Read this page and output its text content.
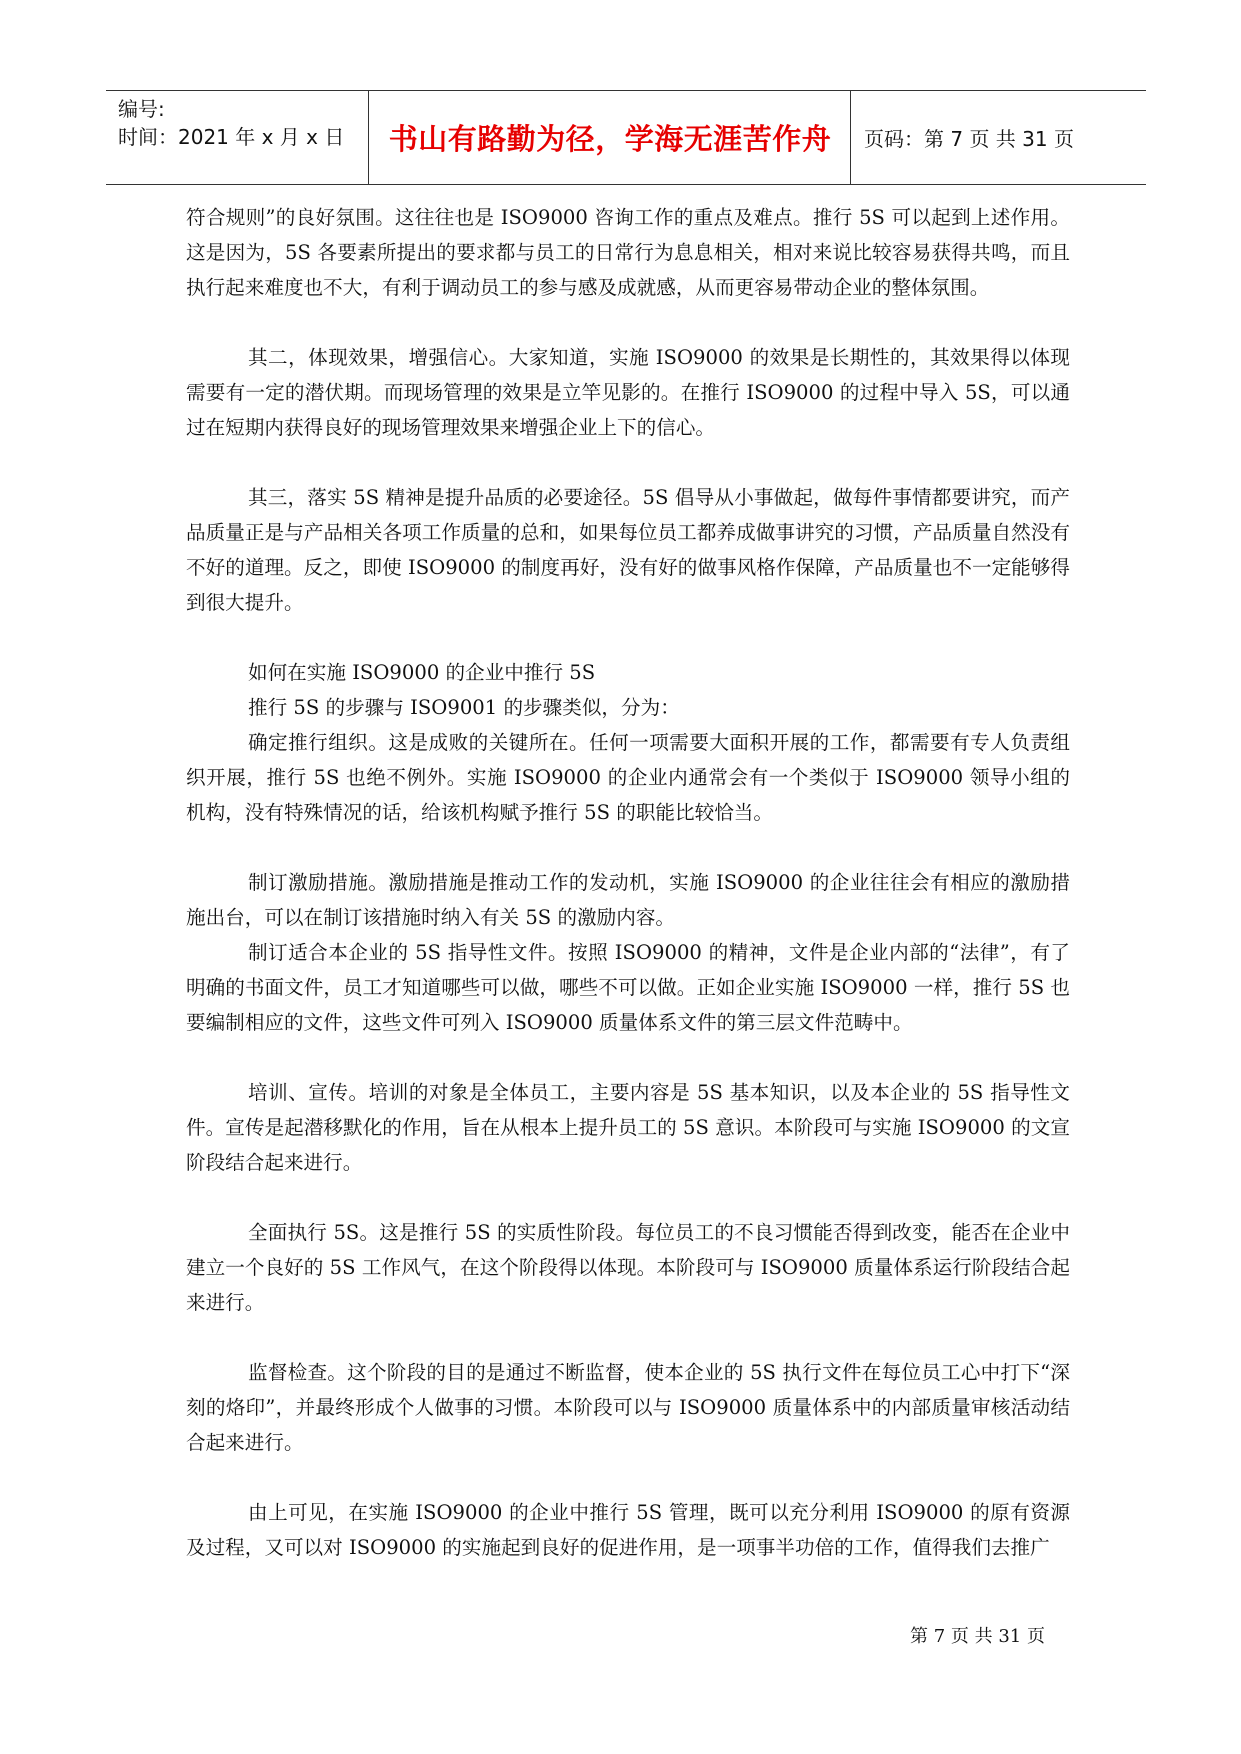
编号:
时间：2021 年 x 月 x 日 书山有路勤为径，学海无涯苦作舟 页码：第 7 页 共 31 页

符合规则”的良好氛围。这往往也是 ISO9000 咨询工作的重点及难点。推行 5S 可以起到上述作用。这是因为，5S 各要素所提出的要求都与员工的日常行为息息相关，相对来说比较容易获得共鸣，而且执行起来难度也不大，有利于调动员工的参与感及成就感，从而更容易带动企业的整体氛围。

其二，体现效果，增强信心。大家知道，实施 ISO9000 的效果是长期性的，其效果得以体现需要有一定的潜伏期。而现场管理的效果是立竿见影的。在推行 ISO9000 的过程中导入 5S，可以通过在短期内获得良好的现场管理效果来增强企业上下的信心。

其三，落实 5S 精神是提升品质的必要途径。5S 倡导从小事做起，做每件事情都要讲究，而产品质量正是与产品相关各项工作质量的总和，如果每位员工都养成做事讲究的习惯，产品质量自然没有不好的道理。反之，即使 ISO9000 的制度再好，没有好的做事风格作保障，产品质量也不一定能够得到很大提升。

如何在实施 ISO9000 的企业中推行 5S

推行 5S 的步骤与 ISO9001 的步骤类似，分为：

确定推行组织。这是成败的关键所在。任何一项需要大面积开展的工作，都需要有专人负责组织开展，推行 5S 也绝不例外。实施 ISO9000 的企业内通常会有一个类似于 ISO9000 领导小组的机构，没有特殊情况的话，给该机构赋予推行 5S 的职能比较恰当。

制订激励措施。激励措施是推动工作的发动机，实施 ISO9000 的企业往往会有相应的激励措施出台，可以在制订该措施时纳入有关 5S 的激励内容。

制订适合本企业的 5S 指导性文件。按照 ISO9000 的精神，文件是企业内部的“法律”，有了明确的书面文件，员工才知道哪些可以做，哪些不可以做。正如企业实施 ISO9000 一样，推行 5S 也要编制相应的文件，这些文件可列入 ISO9000 质量体系文件的第三层文件范畴中。

培训、宣传。培训的对象是全体员工，主要内容是 5S 基本知识，以及本企业的 5S 指导性文件。宣传是起潜移默化的作用，旨在从根本上提升员工的 5S 意识。本阶段可与实施 ISO9000 的文宣阶段结合起来进行。

全面执行 5S。这是推行 5S 的实质性阶段。每位员工的不良习惯能否得到改变，能否在企业中建立一个良好的 5S 工作风气，在这个阶段得以体现。本阶段可与 ISO9000 质量体系运行阶段结合起来进行。

监督检查。这个阶段的目的是通过不断监督，使本企业的 5S 执行文件在每位员工心中打下“深刻的烙印”，并最终形成个人做事的习惯。本阶段可以与 ISO9000 质量体系中的内部质量审核活动结合起来进行。

由上可见，在实施 ISO9000 的企业中推行 5S 管理，既可以充分利用 ISO9000 的原有资源及过程，又可以对 ISO9000 的实施起到良好的促进作用，是一项事半功倍的工作，值得我们去推广

第 7 页 共 31 页
